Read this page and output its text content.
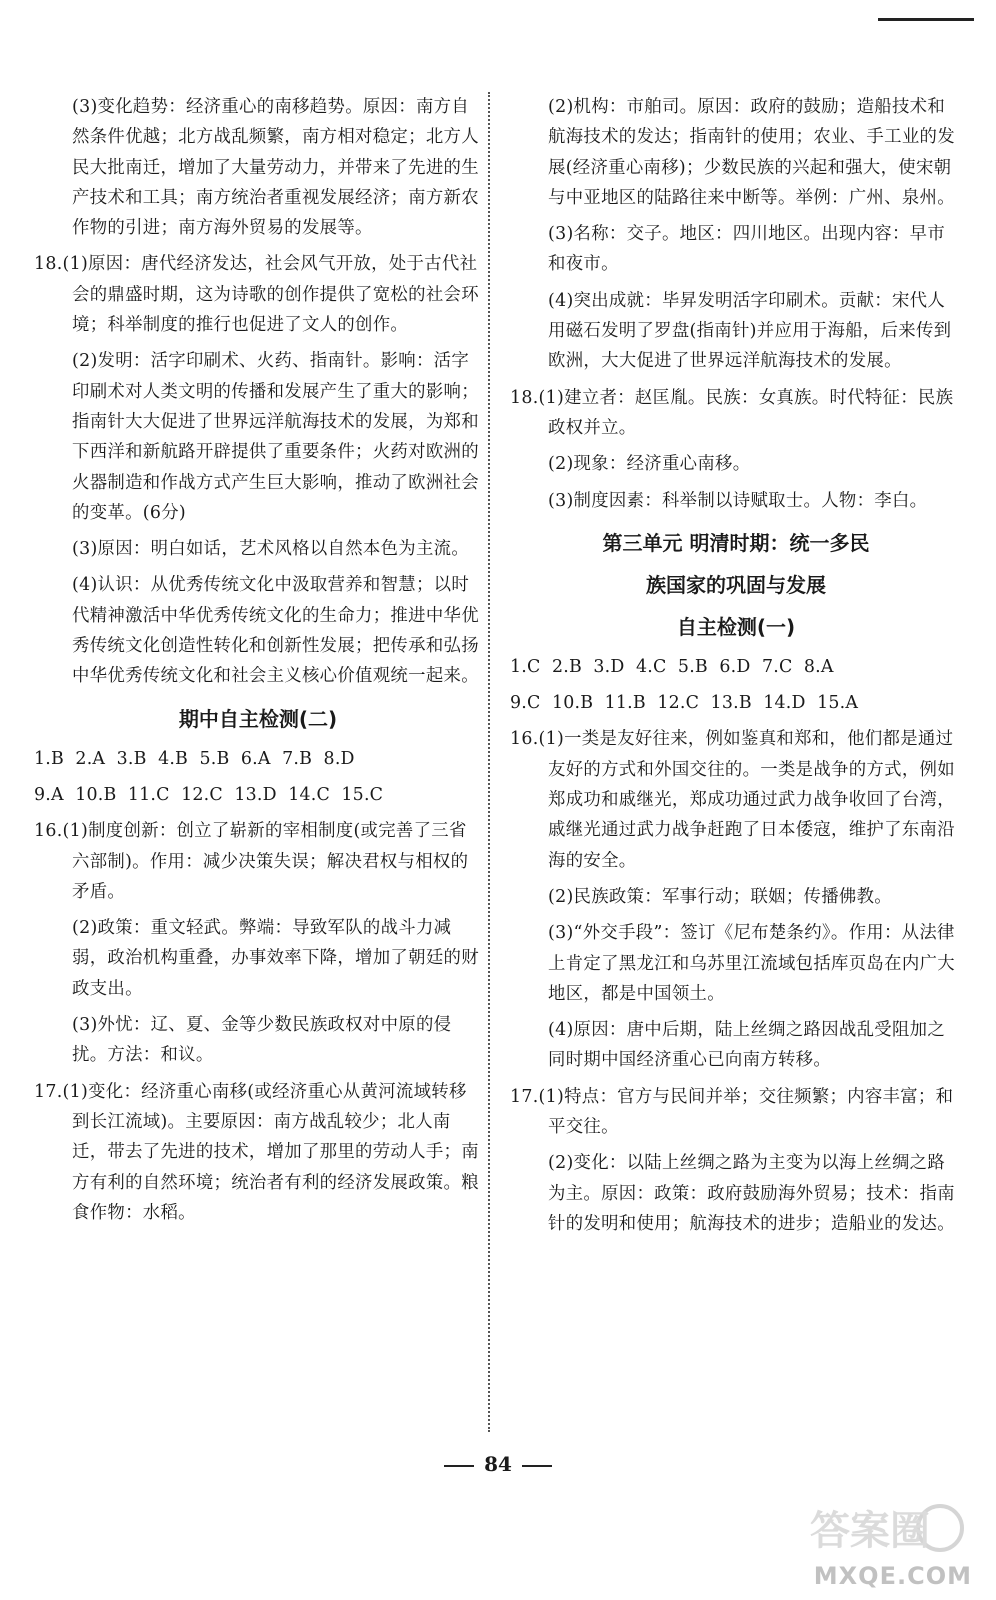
(3)变化趋势：经济重心的南移趋势。原因：南方自然条件优越；北方战乱频繁，南方相对稳定；北方人民大批南迁，增加了大量劳动力，并带来了先进的生产技术和工具；南方统治者重视发展经济；南方新农作物的引进；南方海外贸易的发展等。
18.(1)原因：唐代经济发达，社会风气开放，处于古代社会的鼎盛时期，这为诗歌的创作提供了宽松的社会环境；科举制度的推行也促进了文人的创作。
(2)发明：活字印刷术、火药、指南针。影响：活字印刷术对人类文明的传播和发展产生了重大的影响；指南针大大促进了世界远洋航海技术的发展，为郑和下西洋和新航路开辟提供了重要条件；火药对欧洲的火器制造和作战方式产生巨大影响，推动了欧洲社会的变革。(6分)
(3)原因：明白如话，艺术风格以自然本色为主流。
(4)认识：从优秀传统文化中汲取营养和智慧；以时代精神激活中华优秀传统文化的生命力；推进中华优秀传统文化创造性转化和创新性发展；把传承和弘扬中华优秀传统文化和社会主义核心价值观统一起来。
期中自主检测(二)
1.B  2.A  3.B  4.B  5.B  6.A  7.B  8.D
9.A  10.B  11.C  12.C  13.D  14.C  15.C
16.(1)制度创新：创立了崭新的宰相制度(或完善了三省六部制)。作用：减少决策失误；解决君权与相权的矛盾。
(2)政策：重文轻武。弊端：导致军队的战斗力减弱，政治机构重叠，办事效率下降，增加了朝廷的财政支出。
(3)外忧：辽、夏、金等少数民族政权对中原的侵扰。方法：和议。
17.(1)变化：经济重心南移(或经济重心从黄河流域转移到长江流域)。主要原因：南方战乱较少；北人南迁，带去了先进的技术，增加了那里的劳动人手；南方有利的自然环境；统治者有利的经济发展政策。粮食作物：水稻。
(2)机构：市舶司。原因：政府的鼓励；造船技术和航海技术的发达；指南针的使用；农业、手工业的发展(经济重心南移)；少数民族的兴起和强大，使宋朝与中亚地区的陆路往来中断等。举例：广州、泉州。
(3)名称：交子。地区：四川地区。出现内容：早市和夜市。
(4)突出成就：毕昇发明活字印刷术。贡献：宋代人用磁石发明了罗盘(指南针)并应用于海船，后来传到欧洲，大大促进了世界远洋航海技术的发展。
18.(1)建立者：赵匡胤。民族：女真族。时代特征：民族政权并立。
(2)现象：经济重心南移。
(3)制度因素：科举制以诗赋取士。人物：李白。
第三单元 明清时期：统一多民
族国家的巩固与发展
自主检测(一)
1.C  2.B  3.D  4.C  5.B  6.D  7.C  8.A
9.C  10.B  11.B  12.C  13.B  14.D  15.A
16.(1)一类是友好往来，例如鉴真和郑和，他们都是通过友好的方式和外国交往的。一类是战争的方式，例如郑成功和戚继光，郑成功通过武力战争收回了台湾，戚继光通过武力战争赶跑了日本倭寇，维护了东南沿海的安全。
(2)民族政策：军事行动；联姻；传播佛教。
(3)“外交手段”：签订《尼布楚条约》。作用：从法律上肯定了黑龙江和乌苏里江流域包括库页岛在内广大地区，都是中国领土。
(4)原因：唐中后期，陆上丝绸之路因战乱受阻加之同时期中国经济重心已向南方转移。
17.(1)特点：官方与民间并举；交往频繁；内容丰富；和平交往。
(2)变化：以陆上丝绸之路为主变为以海上丝绸之路为主。原因：政策：政府鼓励海外贸易；技术：指南针的发明和使用；航海技术的进步；造船业的发达。
84
答案圈
MXQE.COM
